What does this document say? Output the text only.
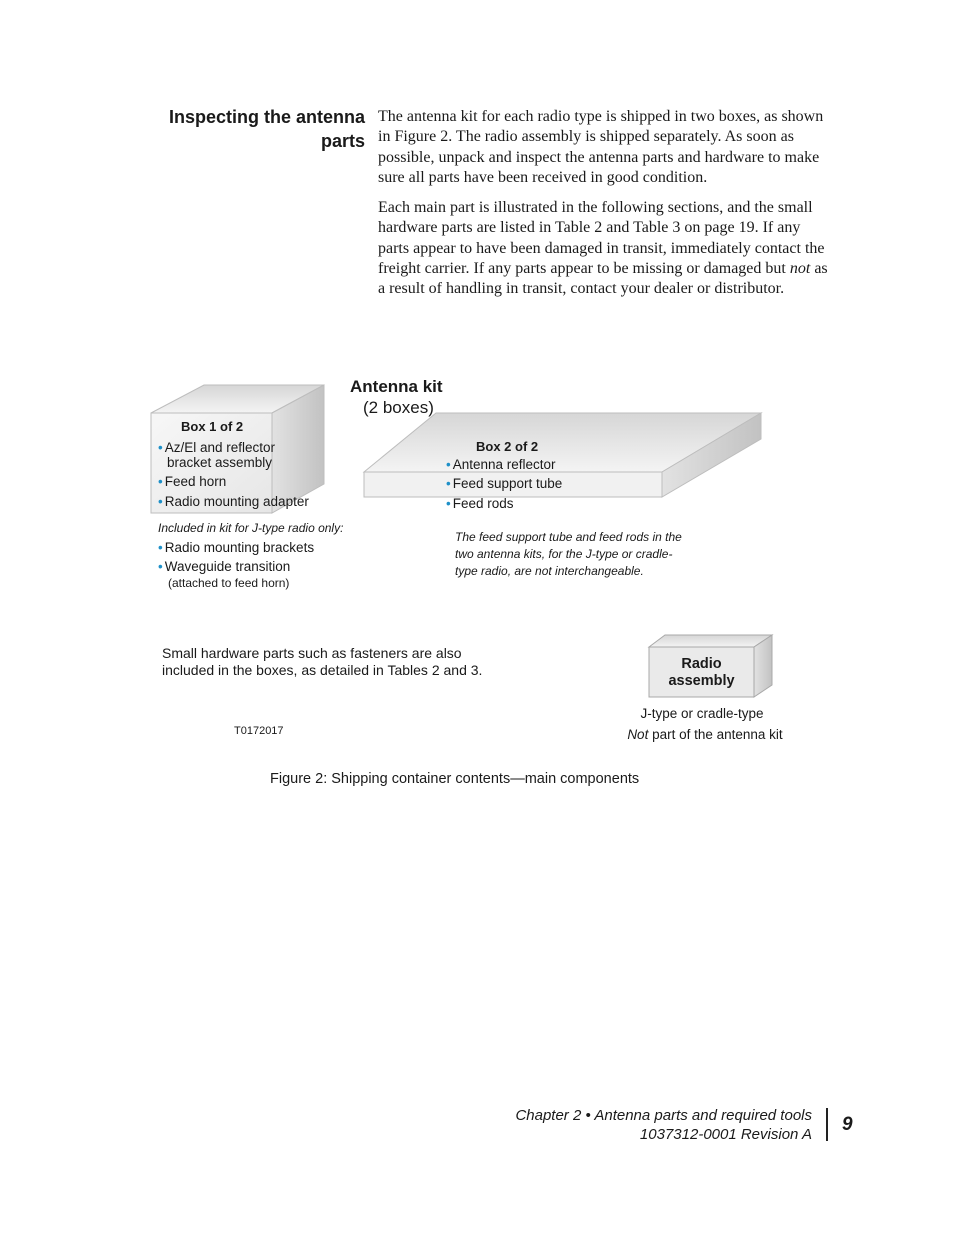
Inspecting the antenna
parts

The antenna kit for each radio type is shipped in two boxes, as shown in Figure 2. The radio assembly is shipped separately. As soon as possible, unpack and inspect the antenna parts and hardware to make sure all parts have been received in good condition.

Each main part is illustrated in the following sections, and the small hardware parts are listed in Table 2 and Table 3 on page 19. If any parts appear to have been damaged in transit, immediately contact the freight carrier. If any parts appear to be missing or damaged but not as a result of handling in transit, contact your dealer or distributor.

Antenna kit
(2 boxes)
Box 1 of 2
• Az/El and reflector
bracket assembly
• Feed horn
• Radio mounting adapter
Included in kit for J-type radio only:
• Radio mounting brackets
• Waveguide transition
(attached to feed horn)
Box 2 of 2
• Antenna reflector
• Feed support tube
• Feed rods
The feed support tube and feed rods in the
two antenna kits, for the J-type or cradle-
type radio, are not interchangeable.
Small hardware parts such as fasteners are also
included in the boxes, as detailed in Tables 2 and 3.	Radio
assembly
J-type or cradle-type
Not part of the antenna kit
T0172017
Figure 2: Shipping container contents—main components
Chapter 2 • Antenna parts and required tools
1037312-0001 Revision A 9
